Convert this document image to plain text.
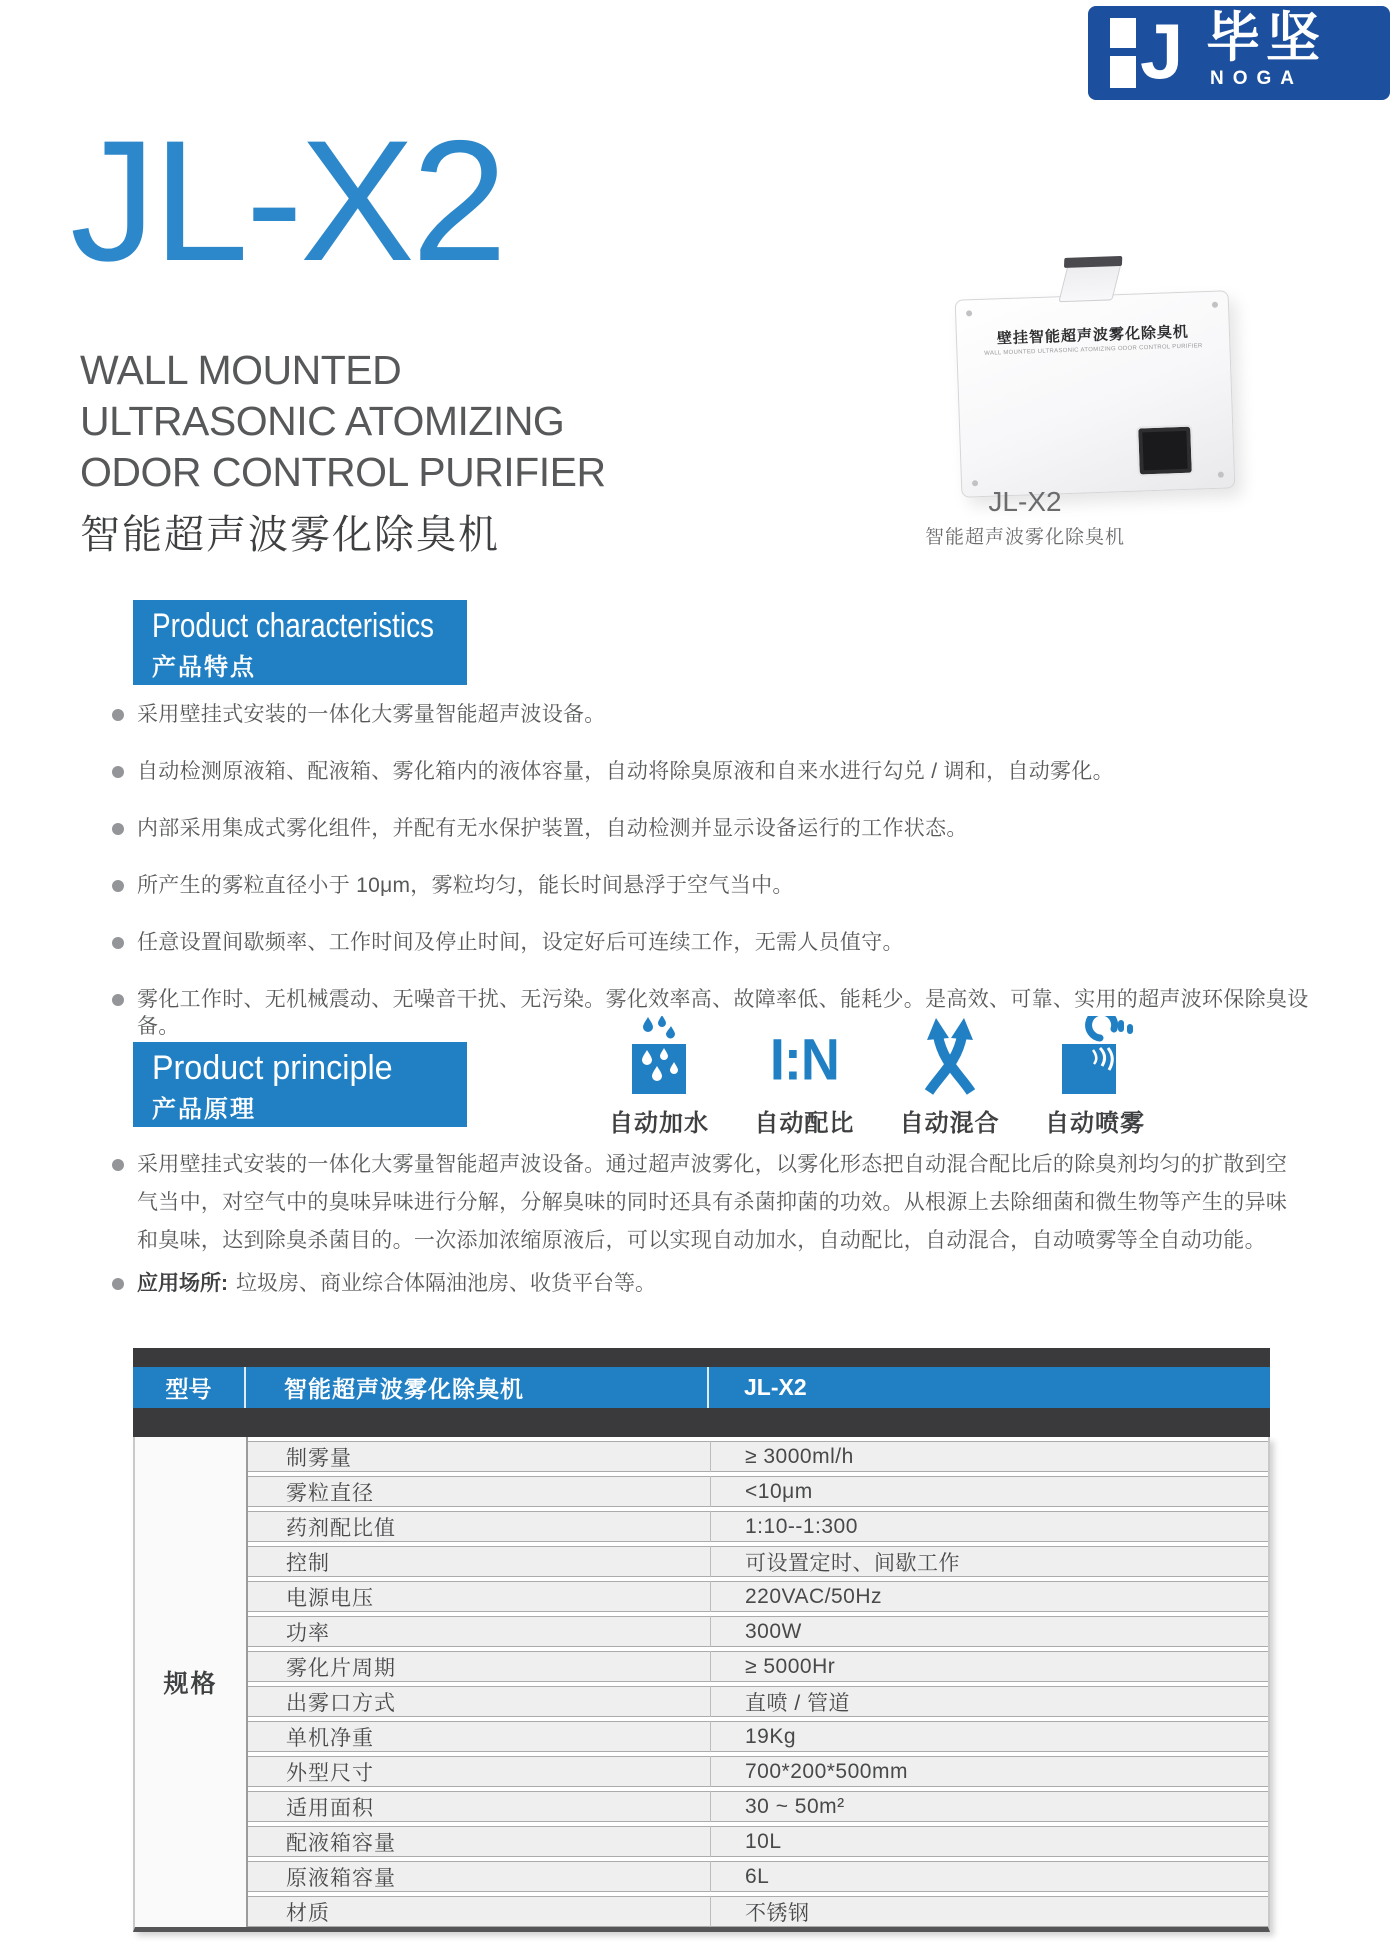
J 毕坚
NOGA
JL-X2
WALL MOUNTED
ULTRASONIC ATOMIZING
ODOR CONTROL PURIFIER
智能超声波雾化除臭机
壁挂智能超声波雾化除臭机
WALL MOUNTED ULTRASONIC ATOMIZING ODOR CONTROL PURIFIER
JL-X2
智能超声波雾化除臭机
Product characteristics
产品特点
采用壁挂式安装的一体化大雾量智能超声波设备。
自动检测原液箱、配液箱、雾化箱内的液体容量，自动将除臭原液和自来水进行勾兑 / 调和，自动雾化。
内部采用集成式雾化组件，并配有无水保护装置，自动检测并显示设备运行的工作状态。
所产生的雾粒直径小于 10μm，雾粒均匀，能长时间悬浮于空气当中。
任意设置间歇频率、工作时间及停止时间，设定好后可连续工作，无需人员值守。
雾化工作时、无机械震动、无噪音干扰、无污染。雾化效率高、故障率低、能耗少。是高效、可靠、实用的超声波环保除臭设备。
Product principle
产品原理
自动加水
I:N
自动配比	自动混合	自动喷雾
采用壁挂式安装的一体化大雾量智能超声波设备。通过超声波雾化，以雾化形态把自动混合配比后的除臭剂均匀的扩散到空气当中，对空气中的臭味异味进行分解，分解臭味的同时还具有杀菌抑菌的功效。从根源上去除细菌和微生物等产生的异味和臭味，达到除臭杀菌目的。一次添加浓缩原液后，可以实现自动加水，自动配比，自动混合，自动喷雾等全自动功能。
应用场所: 垃圾房、商业综合体隔油池房、收货平台等。
型号	智能超声波雾化除臭机	JL-X2
规格
制雾量	≥ 3000ml/h
雾粒直径	<10μm
药剂配比值	1:10--1:300
控制	可设置定时、间歇工作
电源电压	220VAC/50Hz
功率	300W
雾化片周期	≥ 5000Hr
出雾口方式	直喷 / 管道
单机净重	19Kg
外型尺寸	700*200*500mm
适用面积	30 ~ 50m²
配液箱容量	10L
原液箱容量	6L
材质	不锈钢
